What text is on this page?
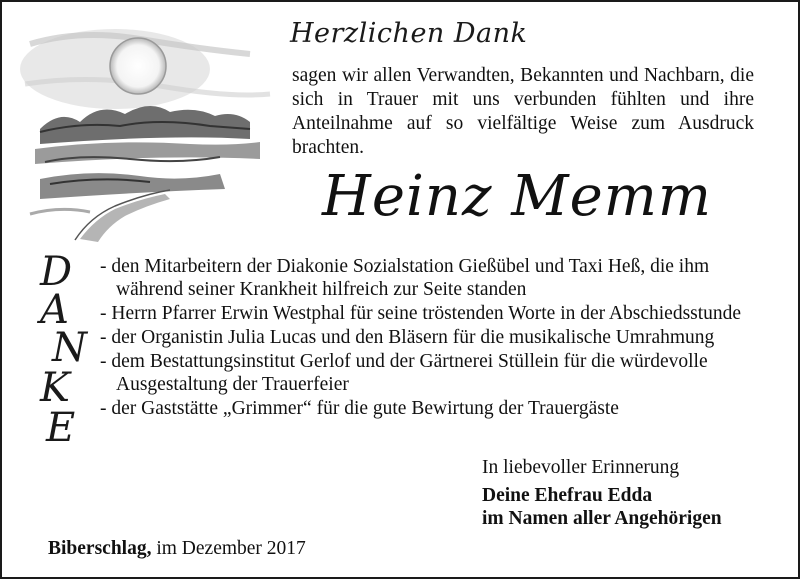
Herzlichen Dank
sagen wir allen Verwandten, Bekannten und Nachbarn, die sich in Trauer mit uns verbunden fühlten und ihre Anteilnahme auf so vielfältige Weise zum Ausdruck brachten.
Heinz Memm
D
A
N
K
E
- den Mitarbeitern der Diakonie Sozialstation Gießübel und Taxi Heß, die ihm während seiner Krankheit hilfreich zur Seite standen
- Herrn Pfarrer Erwin Westphal für seine tröstenden Worte in der Abschiedsstunde
- der Organistin Julia Lucas und den Bläsern für die musikalische Umrahmung
- dem Bestattungsinstitut Gerlof und der Gärtnerei Stüllein für die würdevolle Ausgestaltung der Trauerfeier
- der Gaststätte „Grimmer“ für die gute Bewirtung der Trauergäste
In liebevoller Erinnerung
Deine Ehefrau Edda
im Namen aller Angehörigen
Biberschlag, im Dezember 2017
